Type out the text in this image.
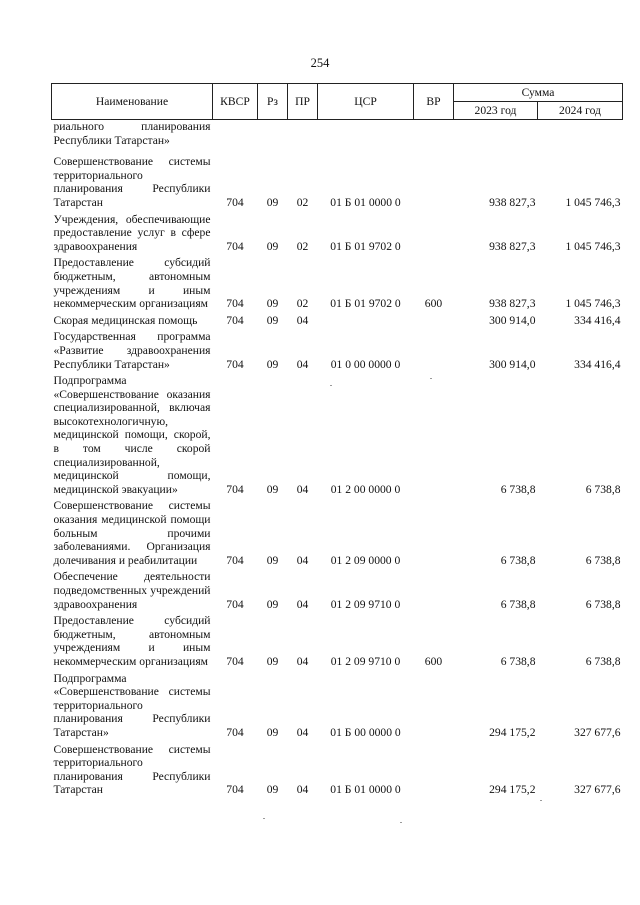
254
Наименование	КВСР	Рз	ПР	ЦСР	ВР	Сумма	
						2023 год	2024 год
риального планирования Республики Татарстан»							
Совершенствование системы территориального планирования Республики Татарстан	704	09	02	01 Б 01 0000 0		938 827,3	1 045 746,3
Учреждения, обеспечивающие предоставление услуг в сфере здравоохранения	704	09	02	01 Б 01 9702 0		938 827,3	1 045 746,3
Предоставление субсидий бюджетным, автономным учреждениям и иным некоммерческим организациям	704	09	02	01 Б 01 9702 0	600	938 827,3	1 045 746,3
Скорая медицинская помощь	704	09	04			300 914,0	334 416,4
Государственная программа «Развитие здравоохранения Республики Татарстан»	704	09	04	01 0 00 0000 0		300 914,0	334 416,4
Подпрограмма «Совершенствование оказания специализированной, включая высокотехнологичную, медицинской помощи, скорой, в том числе скорой специализированной, медицинской помощи, медицинской эвакуации»	704	09	04	01 2 00 0000 0		6 738,8	6 738,8
Совершенствование системы оказания медицинской помощи больным прочими заболеваниями. Организация долечивания и реабилитации	704	09	04	01 2 09 0000 0		6 738,8	6 738,8
Обеспечение деятельности подведомственных учреждений здравоохранения	704	09	04	01 2 09 9710 0		6 738,8	6 738,8
Предоставление субсидий бюджетным, автономным учреждениям и иным некоммерческим организациям	704	09	04	01 2 09 9710 0	600	6 738,8	6 738,8
Подпрограмма «Совершенствование системы территориального планирования Республики Татарстан»	704	09	04	01 Б 00 0000 0		294 175,2	327 677,6
Совершенствование системы территориального планирования Республики Татарстан	704	09	04	01 Б 01 0000 0		294 175,2	327 677,6
